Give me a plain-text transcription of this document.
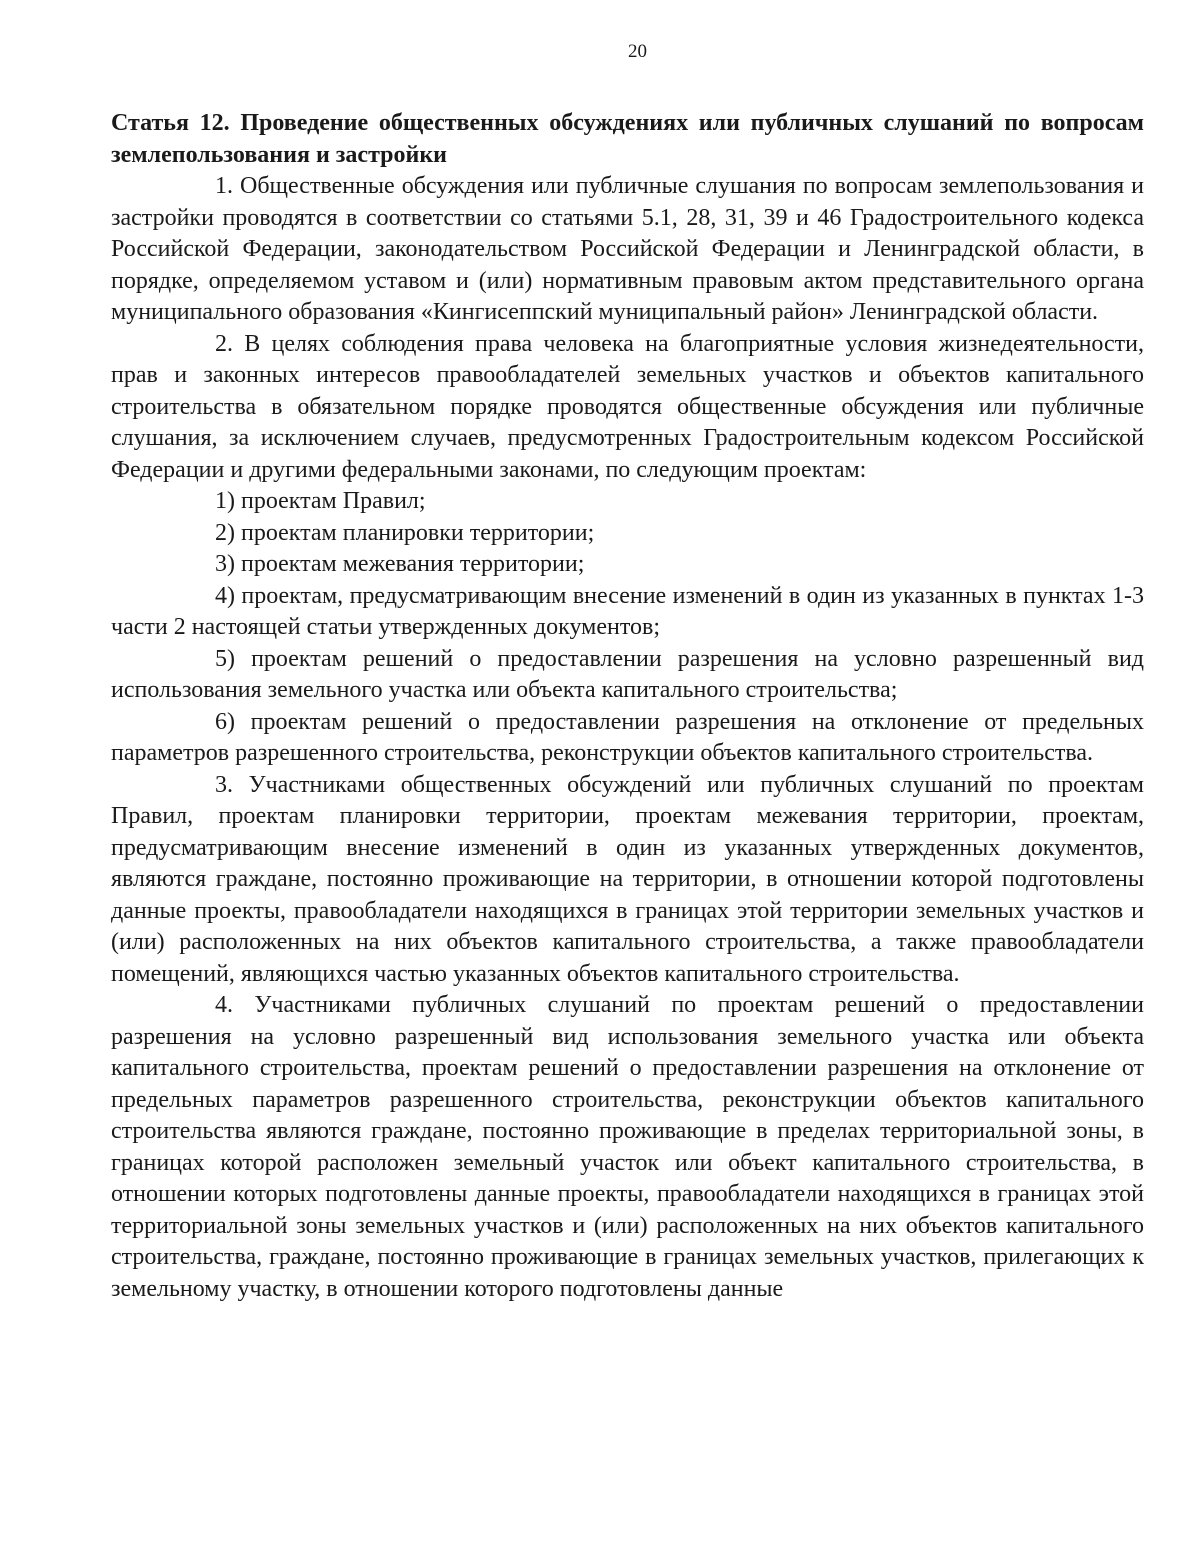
20

Статья 12. Проведение общественных обсуждениях или публичных слушаний по вопросам землепользования и застройки

1. Общественные обсуждения или публичные слушания по вопросам землепользования и застройки проводятся в соответствии со статьями 5.1, 28, 31, 39 и 46 Градостроительного кодекса Российской Федерации, законодательством Российской Федерации и Ленинградской области, в порядке, определяемом уставом и (или) нормативным правовым актом представительного органа муниципального образования «Кингисеппский муниципальный район» Ленинградской области.

2. В целях соблюдения права человека на благоприятные условия жизнедеятельности, прав и законных интересов правообладателей земельных участков и объектов капитального строительства в обязательном порядке проводятся общественные обсуждения или публичные слушания, за исключением случаев, предусмотренных Градостроительным кодексом Российской Федерации и другими федеральными законами, по следующим проектам:

1) проектам Правил;

2) проектам планировки территории;

3) проектам межевания территории;

4) проектам, предусматривающим внесение изменений в один из указанных в пунктах 1-3 части 2 настоящей статьи утвержденных документов;

5) проектам решений о предоставлении разрешения на условно разрешенный вид использования земельного участка или объекта капитального строительства;

6) проектам решений о предоставлении разрешения на отклонение от предельных параметров разрешенного строительства, реконструкции объектов капитального строительства.

3. Участниками общественных обсуждений или публичных слушаний по проектам Правил, проектам планировки территории, проектам межевания территории, проектам, предусматривающим внесение изменений в один из указанных утвержденных документов, являются граждане, постоянно проживающие на территории, в отношении которой подготовлены данные проекты, правообладатели находящихся в границах этой территории земельных участков и (или) расположенных на них объектов капитального строительства, а также правообладатели помещений, являющихся частью указанных объектов капитального строительства.

4. Участниками публичных слушаний по проектам решений о предоставлении разрешения на условно разрешенный вид использования земельного участка или объекта капитального строительства, проектам решений о предоставлении разрешения на отклонение от предельных параметров разрешенного строительства, реконструкции объектов капитального строительства являются граждане, постоянно проживающие в пределах территориальной зоны, в границах которой расположен земельный участок или объект капитального строительства, в отношении которых подготовлены данные проекты, правообладатели находящихся в границах этой территориальной зоны земельных участков и (или) расположенных на них объектов капитального строительства, граждане, постоянно проживающие в границах земельных участков, прилегающих к земельному участку, в отношении которого подготовлены данные
